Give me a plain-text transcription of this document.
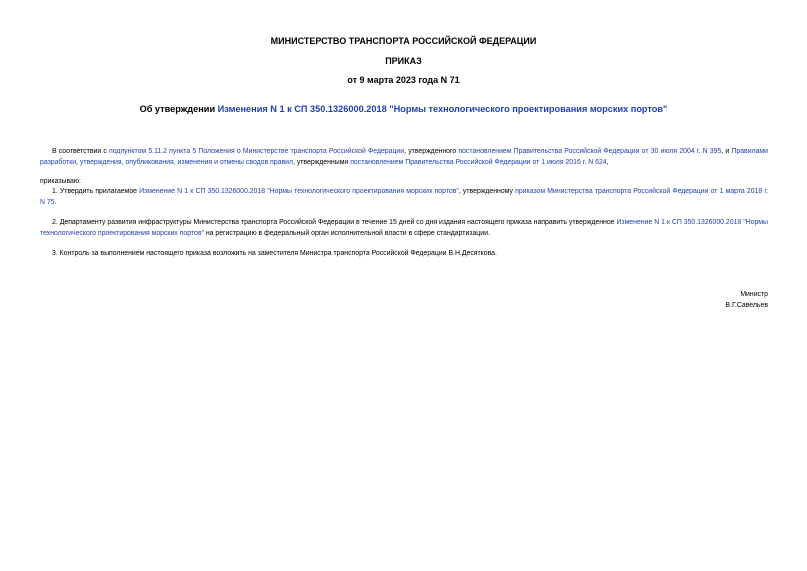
МИНИСТЕРСТВО ТРАНСПОРТА РОССИЙСКОЙ ФЕДЕРАЦИИ
ПРИКАЗ
от 9 марта 2023 года N 71
Об утверждении Изменения N 1 к СП 350.1326000.2018 "Нормы технологического проектирования морских портов"
В соответствии с подпунктом 5.11.2 пункта 5 Положения о Министерстве транспорта Российской Федерации, утвержденного постановлением Правительства Российской Федерации от 30 июля 2004 г. N 395, и Правилами разработки, утверждения, опубликования, изменения и отмены сводов правил, утвержденными постановлением Правительства Российской Федерации от 1 июля 2016 г. N 624,
приказываю:
1. Утвердить прилагаемое Изменение N 1 к СП 350.1326000.2018 "Нормы технологического проектирования морских портов", утвержденному приказом Министерства транспорта Российской Федерации от 1 марта 2018 г. N 75.
2. Департаменту развития инфраструктуры Министерства транспорта Российской Федерации в течение 15 дней со дня издания настоящего приказа направить утвержденное Изменение N 1 к СП 350.1326000.2018 "Нормы технологического проектирования морских портов" на регистрацию в федеральный орган исполнительной власти в сфере стандартизации.
3. Контроль за выполнением настоящего приказа возложить на заместителя Министра транспорта Российской Федерации В.Н.Десяткова.
Министр
В.Г.Савельев
